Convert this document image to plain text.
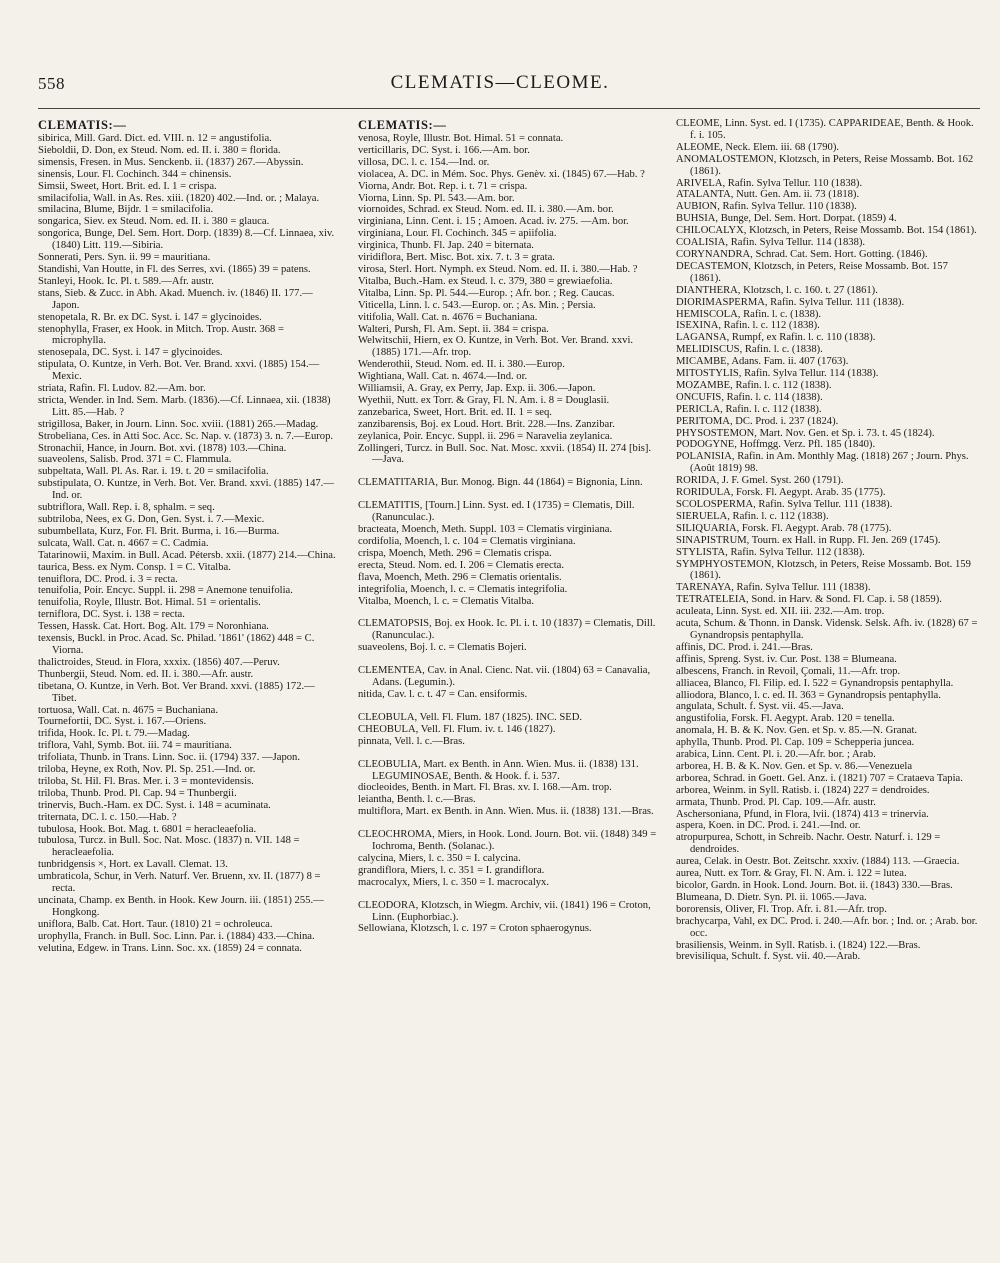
558	CLEMATIS—CLEOME.
CLEMATIS:—

sibirica, Mill. Gard. Dict. ed. VIII. n. 12 = angustifolia.

Sieboldii, D. Don, ex Steud. Nom. ed. II. i. 380 = florida.

simensis, Fresen. in Mus. Senckenb. ii. (1837) 267.—Abyssin.

sinensis, Lour. Fl. Cochinch. 344 = chinensis.

Simsii, Sweet, Hort. Brit. ed. I. 1 = crispa.

smilacifolia, Wall. in As. Res. xiii. (1820) 402.—Ind. or. ; Malaya.

smilacina, Blume, Bijdr. 1 = smilacifolia.

songarica, Siev. ex Steud. Nom. ed. II. i. 380 = glauca.

songorica, Bunge, Del. Sem. Hort. Dorp. (1839) 8.—Cf. Linnaea, xiv. (1840) Litt. 119.—Sibiria.

Sonnerati, Pers. Syn. ii. 99 = mauritiana.

Standishi, Van Houtte, in Fl. des Serres, xvi. (1865) 39 = patens.

Stanleyi, Hook. Ic. Pl. t. 589.—Afr. austr.

stans, Sieb. & Zucc. in Abh. Akad. Muench. iv. (1846) II. 177.—Japon.

stenopetala, R. Br. ex DC. Syst. i. 147 = glycinoides.

stenophylla, Fraser, ex Hook. in Mitch. Trop. Austr. 368 = microphylla.

stenosepala, DC. Syst. i. 147 = glycinoides.

stipulata, O. Kuntze, in Verh. Bot. Ver. Brand. xxvi. (1885) 154.—Mexic.

striata, Rafin. Fl. Ludov. 82.—Am. bor.

stricta, Wender. in Ind. Sem. Marb. (1836).—Cf. Linnaea, xii. (1838) Litt. 85.—Hab. ?

strigillosa, Baker, in Journ. Linn. Soc. xviii. (1881) 265.—Madag.

Strobeliana, Ces. in Atti Soc. Acc. Sc. Nap. v. (1873) 3. n. 7.—Europ.

Stronachii, Hance, in Journ. Bot. xvi. (1878) 103.—China.

suaveolens, Salisb. Prod. 371 = C. Flammula.

subpeltata, Wall. Pl. As. Rar. i. 19. t. 20 = smilacifolia.

substipulata, O. Kuntze, in Verh. Bot. Ver. Brand. xxvi. (1885) 147.—Ind. or.

subtriflora, Wall. Rep. i. 8, sphalm. = seq.

subtriloba, Nees, ex G. Don, Gen. Syst. i. 7.—Mexic.

subumbellata, Kurz, For. Fl. Brit. Burma, i. 16.—Burma.

sulcata, Wall. Cat. n. 4667 = C. Cadmia.

Tatarinowii, Maxim. in Bull. Acad. Pétersb. xxii. (1877) 214.—China.

taurica, Bess. ex Nym. Consp. 1 = C. Vitalba.

tenuiflora, DC. Prod. i. 3 = recta.

tenuifolia, Poir. Encyc. Suppl. ii. 298 = Anemone tenuifolia.

tenuifolia, Royle, Illustr. Bot. Himal. 51 = orientalis.

terniflora, DC. Syst. i. 138 = recta.

Tessen, Hassk. Cat. Hort. Bog. Alt. 179 = Noronhiana.

texensis, Buckl. in Proc. Acad. Sc. Philad. '1861' (1862) 448 = C. Viorna.

thalictroides, Steud. in Flora, xxxix. (1856) 407.—Peruv.

Thunbergii, Steud. Nom. ed. II. i. 380.—Afr. austr.

tibetana, O. Kuntze, in Verh. Bot. Ver Brand. xxvi. (1885) 172.—Tibet.

tortuosa, Wall. Cat. n. 4675 = Buchaniana.

Tournefortii, DC. Syst. i. 167.—Oriens.

trifida, Hook. Ic. Pl. t. 79.—Madag.

triflora, Vahl, Symb. Bot. iii. 74 = mauritiana.

trifoliata, Thunb. in Trans. Linn. Soc. ii. (1794) 337. —Japon.

triloba, Heyne, ex Roth, Nov. Pl. Sp. 251.—Ind. or.

triloba, St. Hil. Fl. Bras. Mer. i. 3 = montevidensis.

triloba, Thunb. Prod. Pl. Cap. 94 = Thunbergii.

trinervis, Buch.-Ham. ex DC. Syst. i. 148 = acuminata.

triternata, DC. l. c. 150.—Hab. ?

tubulosa, Hook. Bot. Mag. t. 6801 = heracleaefolia.

tubulosa, Turcz. in Bull. Soc. Nat. Mosc. (1837) n. VII. 148 = heracleaefolia.

tunbridgensis ×, Hort. ex Lavall. Clemat. 13.

umbraticola, Schur, in Verh. Naturf. Ver. Bruenn, xv. II. (1877) 8 = recta.

uncinata, Champ. ex Benth. in Hook. Kew Journ. iii. (1851) 255.—Hongkong.

uniflora, Balb. Cat. Hort. Taur. (1810) 21 = ochroleuca.

urophylla, Franch. in Bull. Soc. Linn. Par. i. (1884) 433.—China.

velutina, Edgew. in Trans. Linn. Soc. xx. (1859) 24 = connata.

CLEMATIS:—

venosa, Royle, Illustr. Bot. Himal. 51 = connata.

verticillaris, DC. Syst. i. 166.—Am. bor.

villosa, DC. l. c. 154.—Ind. or.

violacea, A. DC. in Mém. Soc. Phys. Genèv. xi. (1845) 67.—Hab. ?

Viorna, Andr. Bot. Rep. i. t. 71 = crispa.

Viorna, Linn. Sp. Pl. 543.—Am. bor.

viornoides, Schrad. ex Steud. Nom. ed. II. i. 380.—Am. bor.

virginiana, Linn. Cent. i. 15 ; Amoen. Acad. iv. 275. —Am. bor.

virginiana, Lour. Fl. Cochinch. 345 = apiifolia.

virginica, Thunb. Fl. Jap. 240 = biternata.

viridiflora, Bert. Misc. Bot. xix. 7. t. 3 = grata.

virosa, Sterl. Hort. Nymph. ex Steud. Nom. ed. II. i. 380.—Hab. ?

Vitalba, Buch.-Ham. ex Steud. l. c. 379, 380 = grewiaefolia.

Vitalba, Linn. Sp. Pl. 544.—Europ. ; Afr. bor. ; Reg. Caucas.

Viticella, Linn. l. c. 543.—Europ. or. ; As. Min. ; Persia.

vitifolia, Wall. Cat. n. 4676 = Buchaniana.

Walteri, Pursh, Fl. Am. Sept. ii. 384 = crispa.

Welwitschii, Hiern, ex O. Kuntze, in Verh. Bot. Ver. Brand. xxvi. (1885) 171.—Afr. trop.

Wenderothii, Steud. Nom. ed. II. i. 380.—Europ.

Wightiana, Wall. Cat. n. 4674.—Ind. or.

Williamsii, A. Gray, ex Perry, Jap. Exp. ii. 306.—Japon.

Wyethii, Nutt. ex Torr. & Gray, Fl. N. Am. i. 8 = Douglasii.

zanzebarica, Sweet, Hort. Brit. ed. II. 1 = seq.

zanzibarensis, Boj. ex Loud. Hort. Brit. 228.—Ins. Zanzibar.

zeylanica, Poir. Encyc. Suppl. ii. 296 = Naravelia zeylanica.

Zollingeri, Turcz. in Bull. Soc. Nat. Mosc. xxvii. (1854) II. 274 [bis].—Java.

CLEMATITARIA, Bur. Monog. Bign. 44 (1864) = Bignonia, Linn.

CLEMATITIS, [Tourn.] Linn. Syst. ed. I (1735) = Clematis, Dill. (Ranunculac.).

bracteata, Moench, Meth. Suppl. 103 = Clematis virginiana.

cordifolia, Moench, l. c. 104 = Clematis virginiana.

crispa, Moench, Meth. 296 = Clematis crispa.

erecta, Steud. Nom. ed. I. 206 = Clematis erecta.

flava, Moench, Meth. 296 = Clematis orientalis.

integrifolia, Moench, l. c. = Clematis integrifolia.

Vitalba, Moench, l. c. = Clematis Vitalba.

CLEMATOPSIS, Boj. ex Hook. Ic. Pl. i. t. 10 (1837) = Clematis, Dill. (Ranunculac.).

suaveolens, Boj. l. c. = Clematis Bojeri.

CLEMENTEA, Cav. in Anal. Cienc. Nat. vii. (1804) 63 = Canavalia, Adans. (Legumin.).

nitida, Cav. l. c. t. 47 = Can. ensiformis.

CLEOBULA, Vell. Fl. Flum. 187 (1825). INC. SED.

CHEOBULA, Vell. Fl. Flum. iv. t. 146 (1827).

pinnata, Vell. l. c.—Bras.

CLEOBULIA, Mart. ex Benth. in Ann. Wien. Mus. ii. (1838) 131. LEGUMINOSAE, Benth. & Hook. f. i. 537.

diocleoides, Benth. in Mart. Fl. Bras. xv. I. 168.—Am. trop.

leiantha, Benth. l. c.—Bras.

multiflora, Mart. ex Benth. in Ann. Wien. Mus. ii. (1838) 131.—Bras.

CLEOCHROMA, Miers, in Hook. Lond. Journ. Bot. vii. (1848) 349 = Iochroma, Benth. (Solanac.).

calycina, Miers, l. c. 350 = I. calycina.

grandiflora, Miers, l. c. 351 = I. grandiflora.

macrocalyx, Miers, l. c. 350 = I. macrocalyx.

CLEODORA, Klotzsch, in Wiegm. Archiv, vii. (1841) 196 = Croton, Linn. (Euphorbiac.).

Sellowiana, Klotzsch, l. c. 197 = Croton sphaerogynus.

CLEOME, Linn. Syst. ed. I (1735). CAPPARIDEAE, Benth. & Hook. f. i. 105.

ALEOME, Neck. Elem. iii. 68 (1790).

ANOMALOSTEMON, Klotzsch, in Peters, Reise Mossamb. Bot. 162 (1861).

ARIVELA, Rafin. Sylva Tellur. 110 (1838).

ATALANTA, Nutt. Gen. Am. ii. 73 (1818).

AUBION, Rafin. Sylva Tellur. 110 (1838).

BUHSIA, Bunge, Del. Sem. Hort. Dorpat. (1859) 4.

CHILOCALYX, Klotzsch, in Peters, Reise Mossamb. Bot. 154 (1861).

COALISIA, Rafin. Sylva Tellur. 114 (1838).

CORYNANDRA, Schrad. Cat. Sem. Hort. Gotting. (1846).

DECASTEMON, Klotzsch, in Peters, Reise Mossamb. Bot. 157 (1861).

DIANTHERA, Klotzsch, l. c. 160. t. 27 (1861).

DIORIMASPERMA, Rafin. Sylva Tellur. 111 (1838).

HEMISCOLA, Rafin. l. c. (1838).

ISEXINA, Rafin. l. c. 112 (1838).

LAGANSA, Rumpf, ex Rafin. l. c. 110 (1838).

MELIDISCUS, Rafin. l. c. (1838).

MICAMBE, Adans. Fam. ii. 407 (1763).

MITOSTYLIS, Rafin. Sylva Tellur. 114 (1838).

MOZAMBE, Rafin. l. c. 112 (1838).

ONCUFIS, Rafin. l. c. 114 (1838).

PERICLA, Rafin. l. c. 112 (1838).

PERITOMA, DC. Prod. i. 237 (1824).

PHYSOSTEMON, Mart. Nov. Gen. et Sp. i. 73. t. 45 (1824).

PODOGYNE, Hoffmgg. Verz. Pfl. 185 (1840).

POLANISIA, Rafin. in Am. Monthly Mag. (1818) 267 ; Journ. Phys. (Août 1819) 98.

RORIDA, J. F. Gmel. Syst. 260 (1791).

RORIDULA, Forsk. Fl. Aegypt. Arab. 35 (1775).

SCOLOSPERMA, Rafin. Sylva Tellur. 111 (1838).

SIERUELA, Rafin. l. c. 112 (1838).

SILIQUARIA, Forsk. Fl. Aegypt. Arab. 78 (1775).

SINAPISTRUM, Tourn. ex Hall. in Rupp. Fl. Jen. 269 (1745).

STYLISTA, Rafin. Sylva Tellur. 112 (1838).

SYMPHYOSTEMON, Klotzsch, in Peters, Reise Mossamb. Bot. 159 (1861).

TARENAYA, Rafin. Sylva Tellur. 111 (1838).

TETRATELEIA, Sond. in Harv. & Sond. Fl. Cap. i. 58 (1859).

aculeata, Linn. Syst. ed. XII. iii. 232.—Am. trop.

acuta, Schum. & Thonn. in Dansk. Vidensk. Selsk. Afh. iv. (1828) 67 = Gynandropsis pentaphylla.

affinis, DC. Prod. i. 241.—Bras.

affinis, Spreng. Syst. iv. Cur. Post. 138 = Blumeana.

albescens, Franch. in Revoil, Çomali, 11.—Afr. trop.

alliacea, Blanco, Fl. Filip. ed. I. 522 = Gynandropsis pentaphylla.

alliodora, Blanco, l. c. ed. II. 363 = Gynandropsis pentaphylla.

angulata, Schult. f. Syst. vii. 45.—Java.

angustifolia, Forsk. Fl. Aegypt. Arab. 120 = tenella.

anomala, H. B. & K. Nov. Gen. et Sp. v. 85.—N. Granat.

aphylla, Thunb. Prod. Pl. Cap. 109 = Schepperia juncea.

arabica, Linn. Cent. Pl. i. 20.—Afr. bor. ; Arab.

arborea, H. B. & K. Nov. Gen. et Sp. v. 86.—Venezuela

arborea, Schrad. in Goett. Gel. Anz. i. (1821) 707 = Crataeva Tapia.

arborea, Weinm. in Syll. Ratisb. i. (1824) 227 = dendroides.

armata, Thunb. Prod. Pl. Cap. 109.—Afr. austr.

Aschersoniana, Pfund, in Flora, lvii. (1874) 413 = trinervia.

aspera, Koen. in DC. Prod. i. 241.—Ind. or.

atropurpurea, Schott, in Schreib. Nachr. Oestr. Naturf. i. 129 = dendroides.

aurea, Celak. in Oestr. Bot. Zeitschr. xxxiv. (1884) 113. —Graecia.

aurea, Nutt. ex Torr. & Gray, Fl. N. Am. i. 122 = lutea.

bicolor, Gardn. in Hook. Lond. Journ. Bot. ii. (1843) 330.—Bras.

Blumeana, D. Dietr. Syn. Pl. ii. 1065.—Java.

bororensis, Oliver, Fl. Trop. Afr. i. 81.—Afr. trop.

brachycarpa, Vahl, ex DC. Prod. i. 240.—Afr. bor. ; Ind. or. ; Arab. bor. occ.

brasiliensis, Weinm. in Syll. Ratisb. i. (1824) 122.—Bras.

brevisiliqua, Schult. f. Syst. vii. 40.—Arab.
